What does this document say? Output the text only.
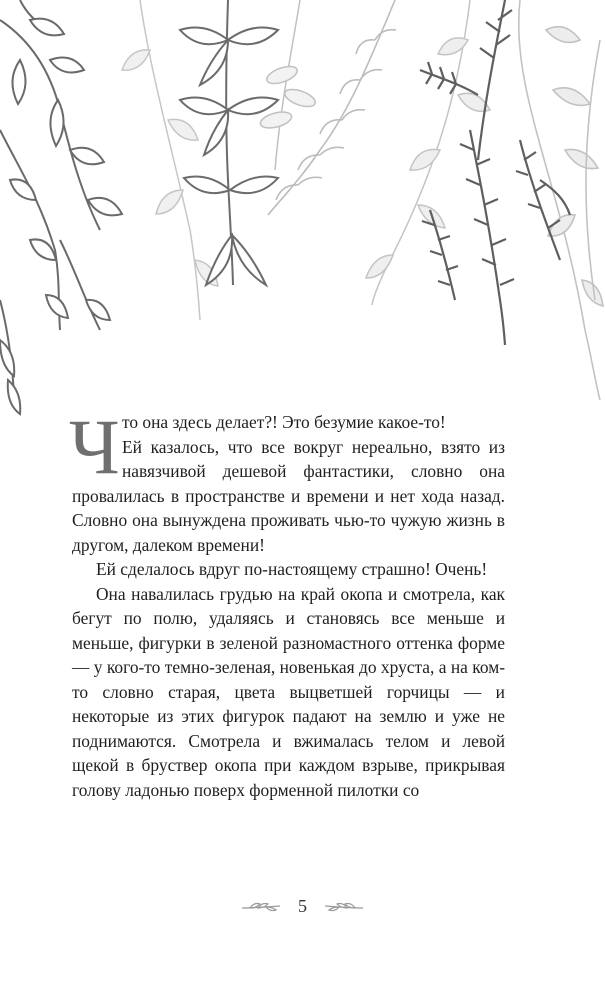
Ч то она здесь делает?! Это безумие какое-то!

Ей казалось, что все вокруг нереально, взято из навязчивой дешевой фантастики, словно она провалилась в пространстве и времени и нет хода назад. Словно она вынуждена проживать чью-то чужую жизнь в другом, далеком времени!

Ей сделалось вдруг по-настоящему страшно! Очень!

Она навалилась грудью на край окопа и смотрела, как бегут по полю, удаляясь и становясь все меньше и меньше, фигурки в зеленой разномастного оттенка форме — у кого-то темно-зеленая, новенькая до хруста, а на ком-то словно старая, цвета выцветшей горчицы — и некоторые из этих фигурок падают на землю и уже не поднимаются. Смотрела и вжималась телом и левой щекой в бруствер окопа при каждом взрыве, прикрывая голову ладонью поверх форменной пилотки со

5
